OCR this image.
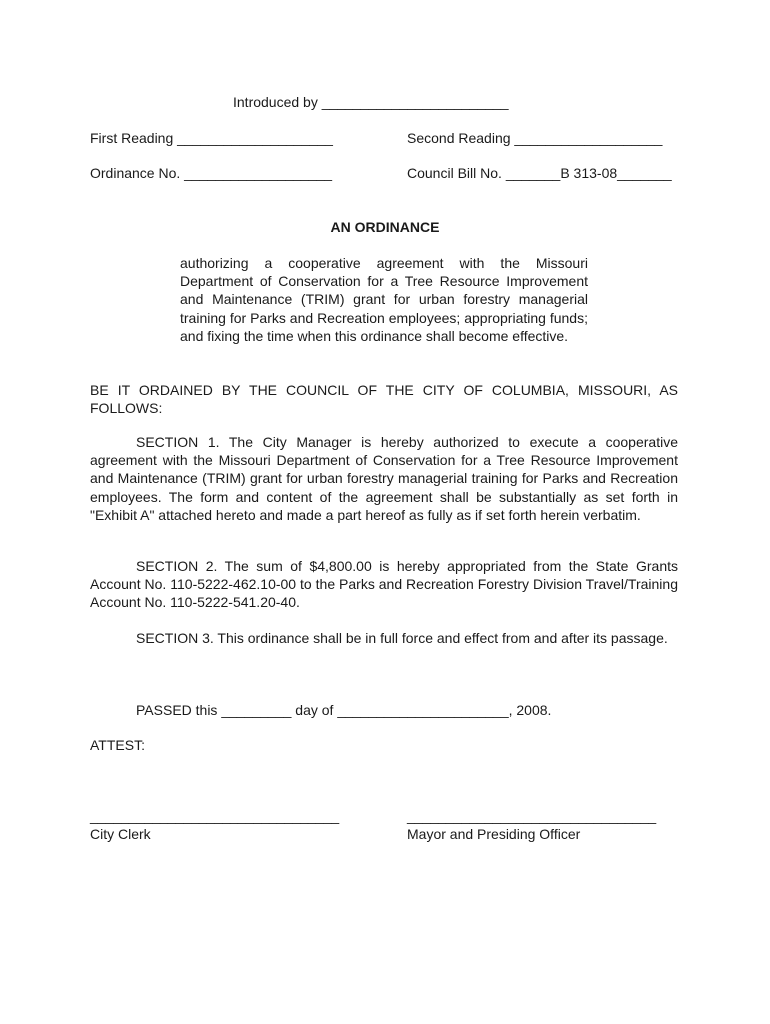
Introduced by ________________________
First Reading ____________________	Second Reading ___________________
Ordinance No. ___________________	Council Bill No. _______B 313-08_______
AN ORDINANCE
authorizing a cooperative agreement with the Missouri Department of Conservation for a Tree Resource Improvement and Maintenance (TRIM) grant for urban forestry managerial training for Parks and Recreation employees; appropriating funds; and fixing the time when this ordinance shall become effective.
BE IT ORDAINED BY THE COUNCIL OF THE CITY OF COLUMBIA, MISSOURI, AS FOLLOWS:
SECTION 1. The City Manager is hereby authorized to execute a cooperative agreement with the Missouri Department of Conservation for a Tree Resource Improvement and Maintenance (TRIM) grant for urban forestry managerial training for Parks and Recreation employees. The form and content of the agreement shall be substantially as set forth in "Exhibit A" attached hereto and made a part hereof as fully as if set forth herein verbatim.
SECTION 2. The sum of $4,800.00 is hereby appropriated from the State Grants Account No. 110-5222-462.10-00 to the Parks and Recreation Forestry Division Travel/Training Account No. 110-5222-541.20-40.
SECTION 3. This ordinance shall be in full force and effect from and after its passage.
PASSED this _________ day of ______________________, 2008.
ATTEST:
________________________________	________________________________
City Clerk	Mayor and Presiding Officer
